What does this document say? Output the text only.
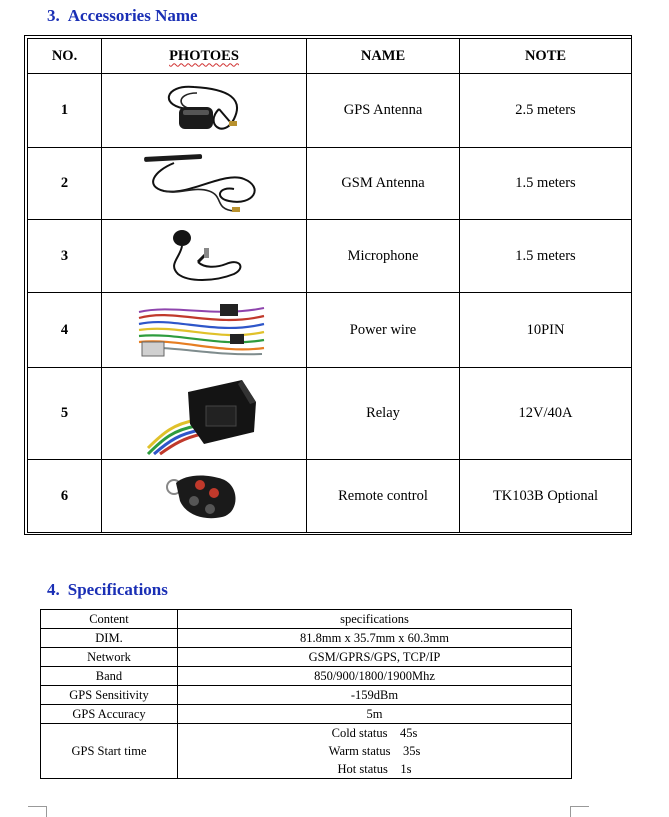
3. Accessories Name
NO.	PHOTOES	NAME	NOTE
1		GPS Antenna	2.5 meters
2		GSM Antenna	1.5 meters
3		Microphone	1.5 meters
4		Power wire	10PIN
5		Relay	12V/40A
6		Remote control	TK103B Optional
4. Specifications
Content	specifications
DIM.	81.8mm x 35.7mm x 60.3mm
Network	GSM/GPRS/GPS, TCP/IP
Band	850/900/1800/1900Mhz
GPS Sensitivity	-159dBm
GPS Accuracy	5m
GPS Start time	Cold status    45s
Warm status    35s
Hot status    1s
